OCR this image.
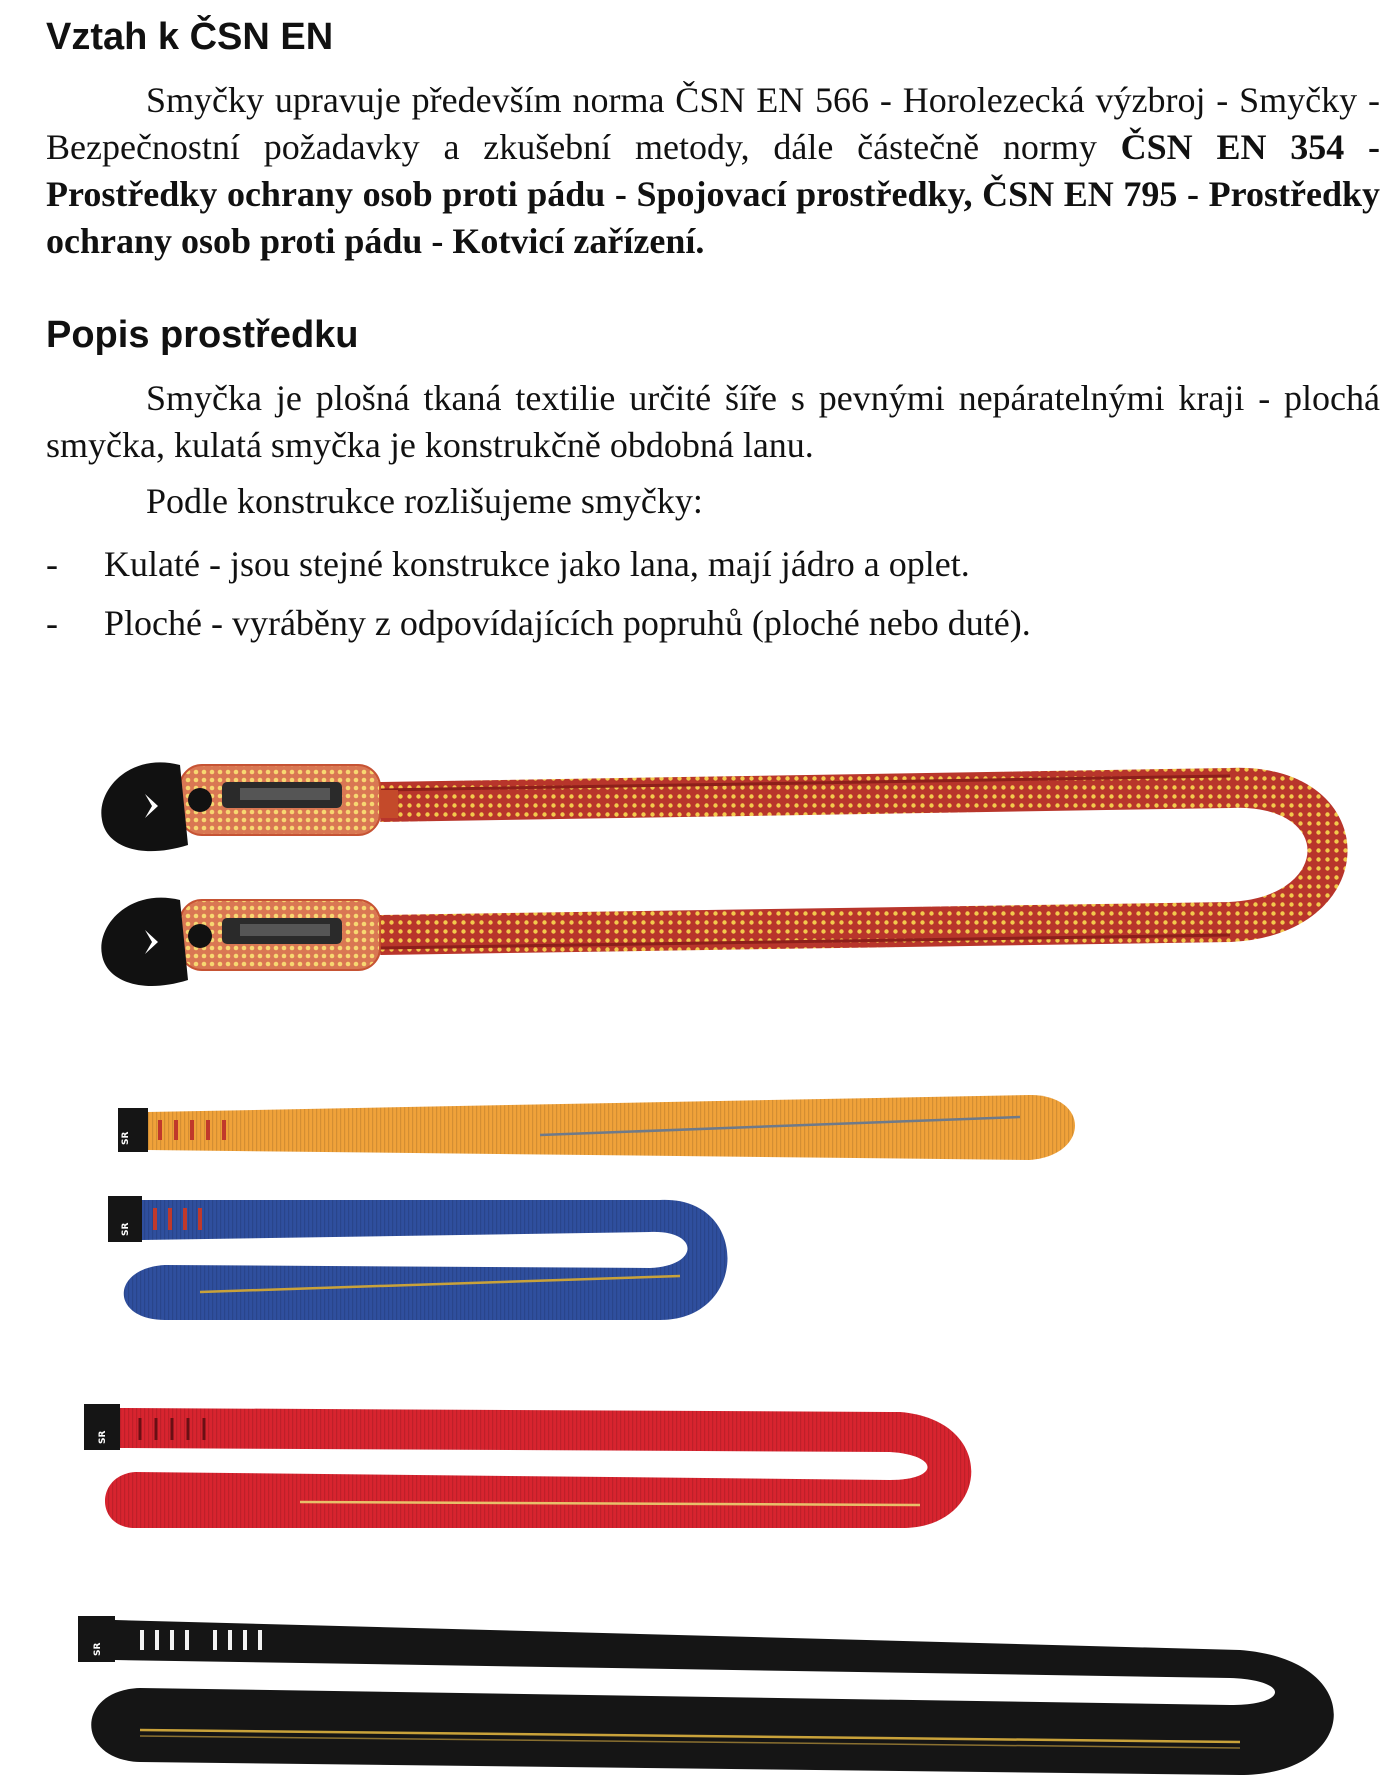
Vztah k ČSN EN

Smyčky upravuje především norma ČSN EN 566 - Horolezecká výzbroj - Smyčky - Bezpečnostní požadavky a zkušební metody, dále částečně normy ČSN EN 354 - Prostředky ochrany osob proti pádu - Spojovací prostředky, ČSN EN 795 - Prostředky ochrany osob proti pádu - Kotvicí zařízení.

Popis prostředku

Smyčka je plošná tkaná textilie určité šíře s pevnými nepáratelnými kraji - plochá smyčka, kulatá smyčka je konstrukčně obdobná lanu.

Podle konstrukce rozlišujeme smyčky:

- Kulaté - jsou stejné konstrukce jako lana, mají jádro a oplet.
- Ploché - vyráběny z odpovídajících popruhů (ploché nebo duté).
SR
SR
SR
SR
